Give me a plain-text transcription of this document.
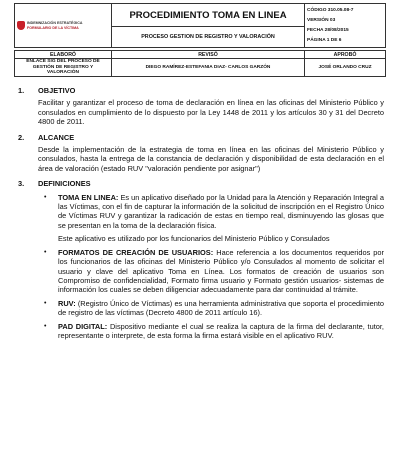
INDEMNIZACIÓN ESTRATÉGICA
FORMULARIO DE LA VÍCTIMA
	PROCEDIMIENTO TOMA EN LINEA	CÓDIGO 310.05.08-7
VERSIÓN 03
FECHA 28/08/2015
PÁGINA 1 DE 6

PROCESO GESTION DE REGISTRO Y VALORACIÓN
ELABORÓ	REVISÓ	APROBÓ
ENLACE SIG DEL PROCESO DE GESTIÓN DE REGISTRO Y VALORACIÓN	DIEGO RAMÍREZ-ESTEFANIA DIAZ- CARLOS GARZÓN	JOSÉ ORLANDO CRUZ
1.	OBJETIVO
Facilitar y garantizar el proceso de toma de declaración en línea en las oficinas del Ministerio Público y consulados en cumplimiento de lo dispuesto por la Ley 1448 de 2011 y los artículos 30 y 31 del Decreto 4800 de 2011.
2.	ALCANCE
Desde la implementación de la estrategia de toma en línea en las oficinas del Ministerio Público y consulados, hasta la entrega de la constancia de declaración y disponibilidad de esta declaración en el área de valoración (estado RUV "valoración pendiente por asignar")
3.	DEFINICIONES
•	TOMA EN LINEA: Es un aplicativo diseñado por la Unidad para la Atención y Reparación Integral a las Víctimas, con el fin de capturar la información de la solicitud de inscripción en el Registro Único de Víctimas RUV y garantizar la radicación de estas en tiempo real, disminuyendo las glosas que se presentan en la toma de la declaración física.
Este aplicativo es utilizado por los funcionarios del Ministerio Público y Consulados
•	FORMATOS DE CREACIÓN DE USUARIOS: Hace referencia a los documentos requeridos por los funcionarios de las oficinas del Ministerio Público y/o Consulados al momento de solicitar el usuario y clave del aplicativo Toma en Línea. Los formatos de creación de usuarios son Compromiso de confidencialidad, Formato firma usuario y Formato gestión usuarios- sistemas de información los cuales se deben diligenciar adecuadamente para dar continuidad al trámite.
•	RUV: (Registro Único de Víctimas) es una herramienta administrativa que soporta el procedimiento de registro de las víctimas (Decreto 4800 de 2011 artículo 16).
•	PAD DIGITAL: Dispositivo mediante el cual se realiza la captura de la firma del declarante, tutor, representante o interprete, de esta forma la firma estará visible en el aplicativo RUV.
